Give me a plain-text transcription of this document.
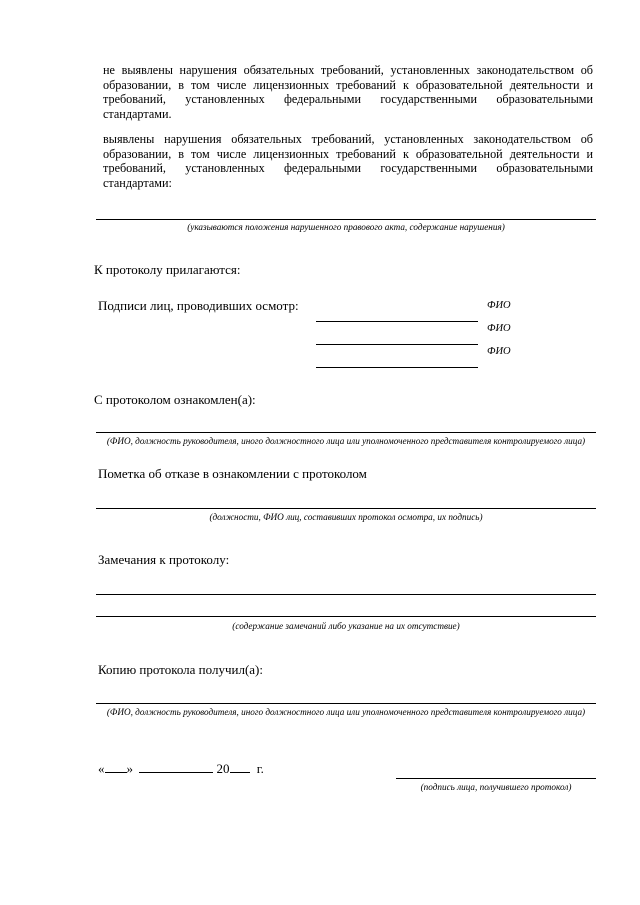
не выявлены нарушения обязательных требований, установленных законодательством об образовании, в том числе лицензионных требований к образовательной деятельности и требований, установленных федеральными государственными образовательными стандартами.
выявлены нарушения обязательных требований, установленных законодательством об образовании, в том числе лицензионных требований к образовательной деятельности и требований, установленных федеральными государственными образовательными стандартами:
(указываются положения нарушенного правового акта, содержание нарушения)
К протоколу прилагаются:
Подписи лиц, проводивших осмотр:	ФИО
ФИО
ФИО
С протоколом ознакомлен(а):
(ФИО, должность руководителя, иного должностного лица или уполномоченного представителя контролируемого лица)
Пометка об отказе в ознакомлении с протоколом
(должности, ФИО лиц, составивших протокол осмотра, их подпись)
Замечания к протоколу:
(содержание замечаний либо указание на их отсутствие)
Копию протокола получил(а):
(ФИО, должность руководителя, иного должностного лица или уполномоченного представителя контролируемого лица)
« »	20 г.
(подпись лица, получившего протокол)
